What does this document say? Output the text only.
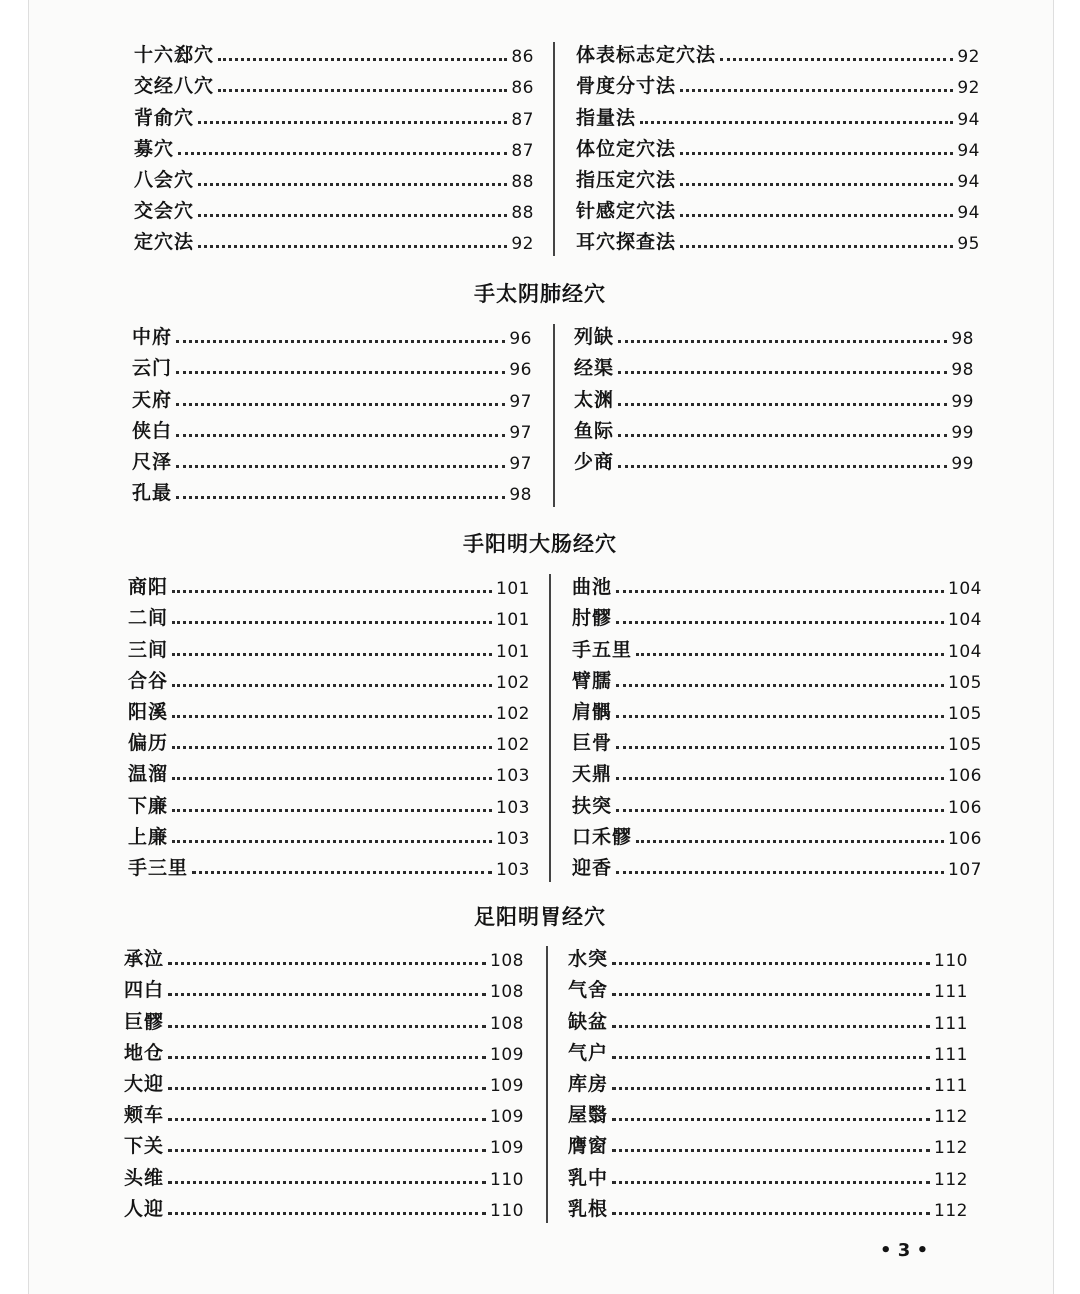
十六郄穴	86
交经八穴	86
背俞穴	87
募穴	87
八会穴	88
交会穴	88
定穴法	92
体表标志定穴法	92
骨度分寸法	92
指量法	94
体位定穴法	94
指压定穴法	94
针感定穴法	94
耳穴探查法	95
手太阴肺经穴
中府	96
云门	96
天府	97
侠白	97
尺泽	97
孔最	98
列缺	98
经渠	98
太渊	99
鱼际	99
少商	99
手阳明大肠经穴
商阳	101
二间	101
三间	101
合谷	102
阳溪	102
偏历	102
温溜	103
下廉	103
上廉	103
手三里	103
曲池	104
肘髎	104
手五里	104
臂臑	105
肩髃	105
巨骨	105
天鼎	106
扶突	106
口禾髎	106
迎香	107
足阳明胃经穴
承泣	108
四白	108
巨髎	108
地仓	109
大迎	109
颊车	109
下关	109
头维	110
人迎	110
水突	110
气舍	111
缺盆	111
气户	111
库房	111
屋翳	112
膺窗	112
乳中	112
乳根	112
• 3 •
